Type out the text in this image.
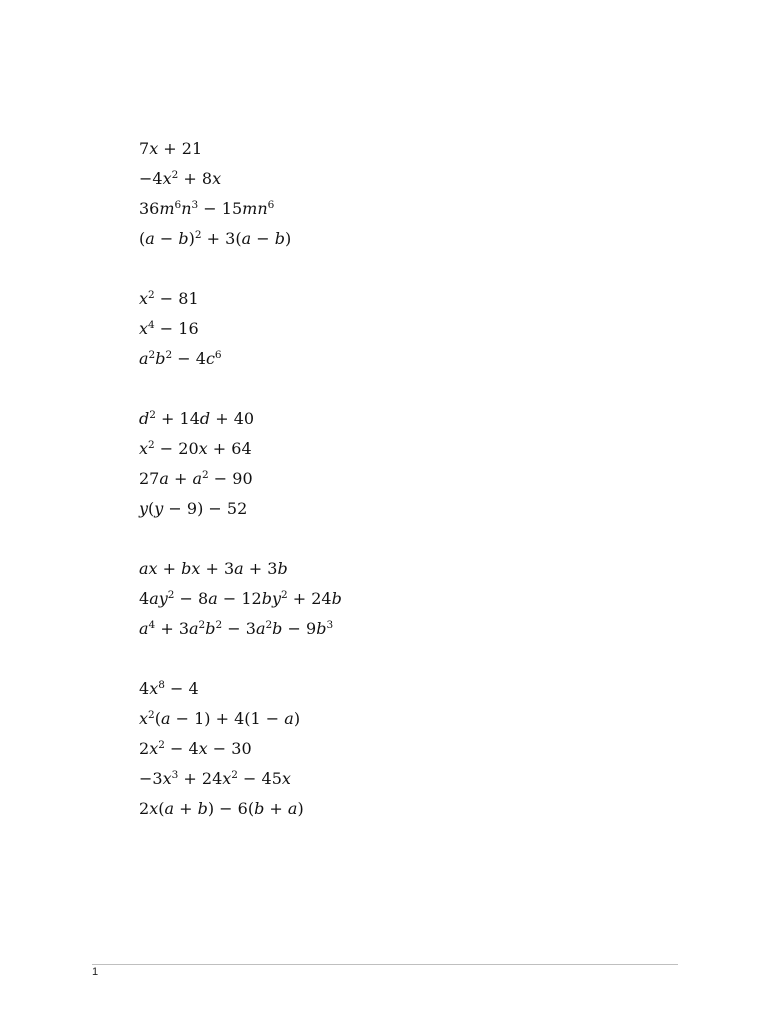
7x + 21
$-4x^2 + 8x$
$36m^6n^3 - 15mn^6$
$(a - b)^2 + 3(a - b)$
$x^2 - 81$
$x^4 - 16$
$a^2b^2 - 4c^6$
$d^2 + 14d + 40$
$x^2 - 20x + 64$
$27a + a^2 - 90$
y(y − 9) − 52
ax + bx + 3a + 3b
$4ay^2 - 8a - 12by^2 + 24b$
$a^4 + 3a^2b^2 - 3a^2b - 9b^3$
$4x^8 - 4$
$x^2(a - 1) + 4(1 - a)$
$2x^2 - 4x - 30$
$-3x^3 + 24x^2 - 45x$
2x(a + b) − 6(b + a)
1
